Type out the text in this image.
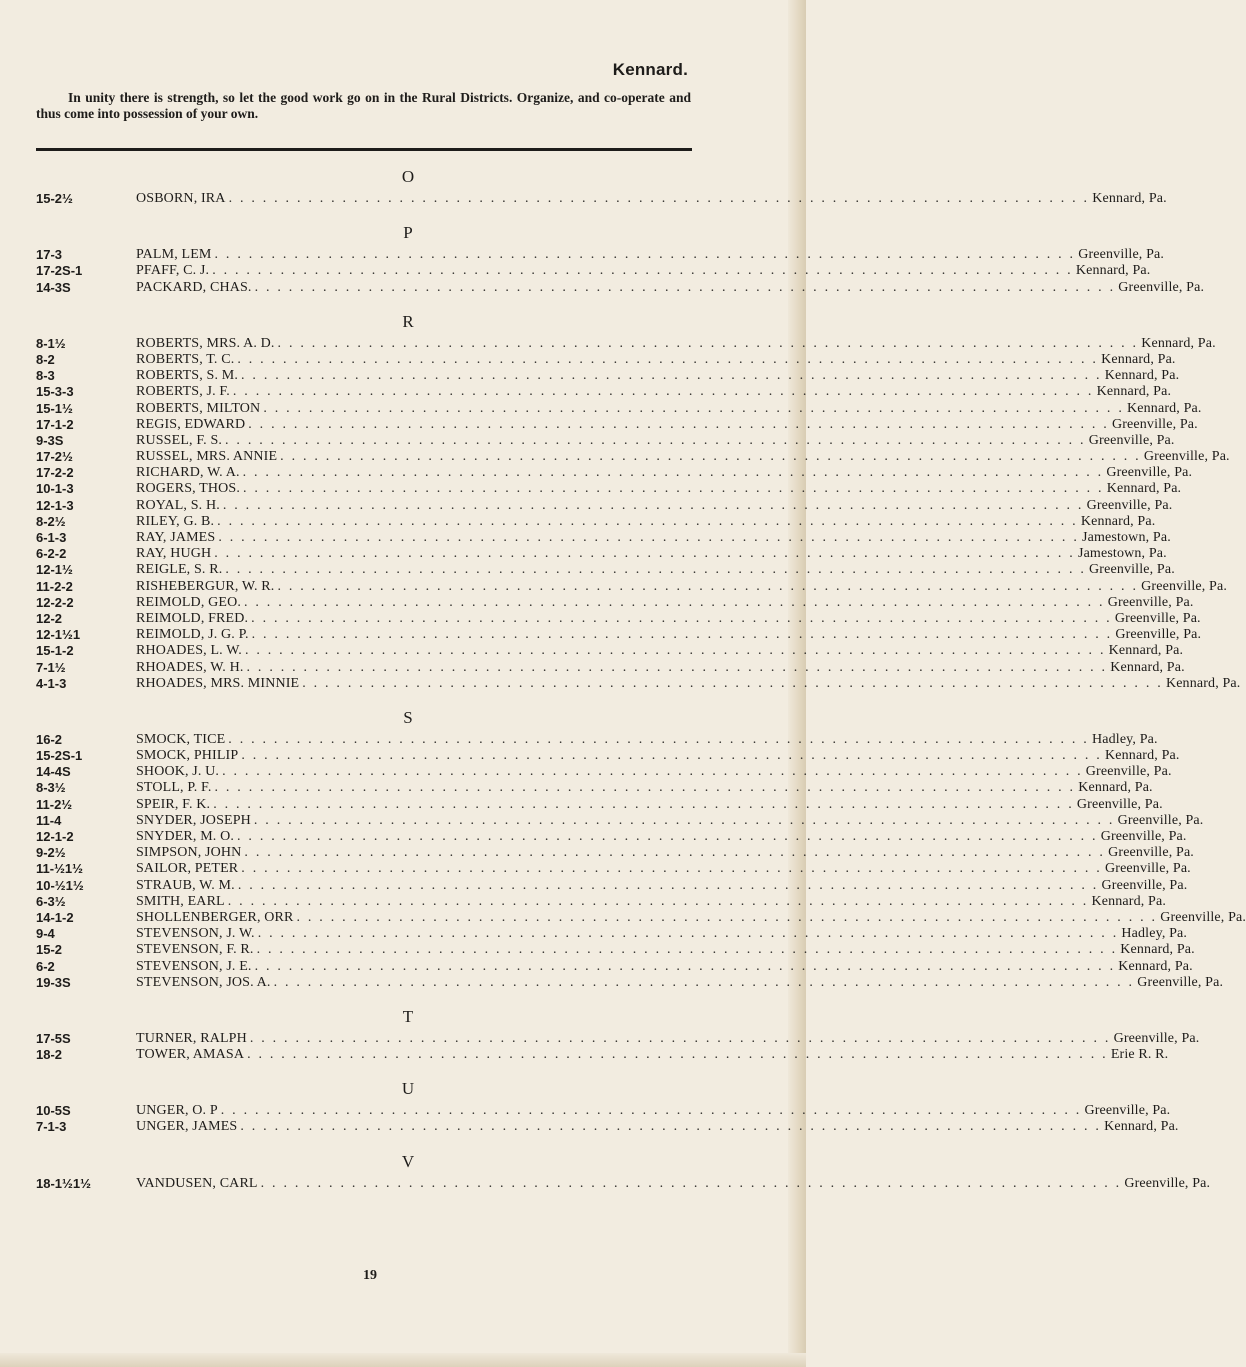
Kennard.
In unity there is strength, so let the good work go on in the Rural Districts. Organize, and co-operate and thus come into possession of your own.
O
15-2½	OSBORN, IRA . . . . . . . . . . . . . . . . . . . . . . . . . . . . . . . . . . . . . . . . . . . . . . . . . . . . . . . . . . . . . . . . . . . . . . . . . . . . Kennard, Pa.
P
17-3	PALM, LEM . . . . . . . . . . . . . . . . . . . . . . . . . . . . . . . . . . . . . . . . . . . . . . . . . . . . . . . . . . . . . . . . . . . . . . . . . . . . Greenville, Pa.
17-2S-1	PFAFF, C. J. . . . . . . . . . . . . . . . . . . . . . . . . . . . . . . . . . . . . . . . . . . . . . . . . . . . . . . . . . . . . . . . . . . . . . . . . . . . . Kennard, Pa.
14-3S	PACKARD, CHAS. . . . . . . . . . . . . . . . . . . . . . . . . . . . . . . . . . . . . . . . . . . . . . . . . . . . . . . . . . . . . . . . . . . . . . . . . . . . . Greenville, Pa.
R
8-1½	ROBERTS, MRS. A. D. . . . . . . . . . . . . . . . . . . . . . . . . . . . . . . . . . . . . . . . . . . . . . . . . . . . . . . . . . . . . . . . . . . . . . . . . . . . . Kennard, Pa.
8-2	ROBERTS, T. C. . . . . . . . . . . . . . . . . . . . . . . . . . . . . . . . . . . . . . . . . . . . . . . . . . . . . . . . . . . . . . . . . . . . . . . . . . . . . Kennard, Pa.
8-3	ROBERTS, S. M. . . . . . . . . . . . . . . . . . . . . . . . . . . . . . . . . . . . . . . . . . . . . . . . . . . . . . . . . . . . . . . . . . . . . . . . . . . . . Kennard, Pa.
15-3-3	ROBERTS, J. F. . . . . . . . . . . . . . . . . . . . . . . . . . . . . . . . . . . . . . . . . . . . . . . . . . . . . . . . . . . . . . . . . . . . . . . . . . . . . Kennard, Pa.
15-1½	ROBERTS, MILTON . . . . . . . . . . . . . . . . . . . . . . . . . . . . . . . . . . . . . . . . . . . . . . . . . . . . . . . . . . . . . . . . . . . . . . . . . . . . Kennard, Pa.
17-1-2	REGIS, EDWARD . . . . . . . . . . . . . . . . . . . . . . . . . . . . . . . . . . . . . . . . . . . . . . . . . . . . . . . . . . . . . . . . . . . . . . . . . . . . Greenville, Pa.
9-3S	RUSSEL, F. S. . . . . . . . . . . . . . . . . . . . . . . . . . . . . . . . . . . . . . . . . . . . . . . . . . . . . . . . . . . . . . . . . . . . . . . . . . . . . Greenville, Pa.
17-2½	RUSSEL, MRS. ANNIE . . . . . . . . . . . . . . . . . . . . . . . . . . . . . . . . . . . . . . . . . . . . . . . . . . . . . . . . . . . . . . . . . . . . . . . . . . . . Greenville, Pa.
17-2-2	RICHARD, W. A. . . . . . . . . . . . . . . . . . . . . . . . . . . . . . . . . . . . . . . . . . . . . . . . . . . . . . . . . . . . . . . . . . . . . . . . . . . . . Greenville, Pa.
10-1-3	ROGERS, THOS. . . . . . . . . . . . . . . . . . . . . . . . . . . . . . . . . . . . . . . . . . . . . . . . . . . . . . . . . . . . . . . . . . . . . . . . . . . . . Kennard, Pa.
12-1-3	ROYAL, S. H. . . . . . . . . . . . . . . . . . . . . . . . . . . . . . . . . . . . . . . . . . . . . . . . . . . . . . . . . . . . . . . . . . . . . . . . . . . . . Greenville, Pa.
8-2½	RILEY, G. B. . . . . . . . . . . . . . . . . . . . . . . . . . . . . . . . . . . . . . . . . . . . . . . . . . . . . . . . . . . . . . . . . . . . . . . . . . . . . Kennard, Pa.
6-1-3	RAY, JAMES . . . . . . . . . . . . . . . . . . . . . . . . . . . . . . . . . . . . . . . . . . . . . . . . . . . . . . . . . . . . . . . . . . . . . . . . . . . . Jamestown, Pa.
6-2-2	RAY, HUGH . . . . . . . . . . . . . . . . . . . . . . . . . . . . . . . . . . . . . . . . . . . . . . . . . . . . . . . . . . . . . . . . . . . . . . . . . . . . Jamestown, Pa.
12-1½	REIGLE, S. R. . . . . . . . . . . . . . . . . . . . . . . . . . . . . . . . . . . . . . . . . . . . . . . . . . . . . . . . . . . . . . . . . . . . . . . . . . . . . Greenville, Pa.
11-2-2	RISHEBERGUR, W. R. . . . . . . . . . . . . . . . . . . . . . . . . . . . . . . . . . . . . . . . . . . . . . . . . . . . . . . . . . . . . . . . . . . . . . . . . . . . . Greenville, Pa.
12-2-2	REIMOLD, GEO. . . . . . . . . . . . . . . . . . . . . . . . . . . . . . . . . . . . . . . . . . . . . . . . . . . . . . . . . . . . . . . . . . . . . . . . . . . . . Greenville, Pa.
12-2	REIMOLD, FRED. . . . . . . . . . . . . . . . . . . . . . . . . . . . . . . . . . . . . . . . . . . . . . . . . . . . . . . . . . . . . . . . . . . . . . . . . . . . . Greenville, Pa.
12-1½1	REIMOLD, J. G. P. . . . . . . . . . . . . . . . . . . . . . . . . . . . . . . . . . . . . . . . . . . . . . . . . . . . . . . . . . . . . . . . . . . . . . . . . . . . . Greenville, Pa.
15-1-2	RHOADES, L. W. . . . . . . . . . . . . . . . . . . . . . . . . . . . . . . . . . . . . . . . . . . . . . . . . . . . . . . . . . . . . . . . . . . . . . . . . . . . . Kennard, Pa.
7-1½	RHOADES, W. H. . . . . . . . . . . . . . . . . . . . . . . . . . . . . . . . . . . . . . . . . . . . . . . . . . . . . . . . . . . . . . . . . . . . . . . . . . . . . Kennard, Pa.
4-1-3	RHOADES, MRS. MINNIE . . . . . . . . . . . . . . . . . . . . . . . . . . . . . . . . . . . . . . . . . . . . . . . . . . . . . . . . . . . . . . . . . . . . . . . . . . . . Kennard, Pa.
S
16-2	SMOCK, TICE . . . . . . . . . . . . . . . . . . . . . . . . . . . . . . . . . . . . . . . . . . . . . . . . . . . . . . . . . . . . . . . . . . . . . . . . . . . . Hadley, Pa.
15-2S-1	SMOCK, PHILIP . . . . . . . . . . . . . . . . . . . . . . . . . . . . . . . . . . . . . . . . . . . . . . . . . . . . . . . . . . . . . . . . . . . . . . . . . . . . Kennard, Pa.
14-4S	SHOOK, J. U. . . . . . . . . . . . . . . . . . . . . . . . . . . . . . . . . . . . . . . . . . . . . . . . . . . . . . . . . . . . . . . . . . . . . . . . . . . . . Greenville, Pa.
8-3½	STOLL, P. F. . . . . . . . . . . . . . . . . . . . . . . . . . . . . . . . . . . . . . . . . . . . . . . . . . . . . . . . . . . . . . . . . . . . . . . . . . . . . Kennard, Pa.
11-2½	SPEIR, F. K. . . . . . . . . . . . . . . . . . . . . . . . . . . . . . . . . . . . . . . . . . . . . . . . . . . . . . . . . . . . . . . . . . . . . . . . . . . . . Greenville, Pa.
11-4	SNYDER, JOSEPH . . . . . . . . . . . . . . . . . . . . . . . . . . . . . . . . . . . . . . . . . . . . . . . . . . . . . . . . . . . . . . . . . . . . . . . . . . . . Greenville, Pa.
12-1-2	SNYDER, M. O. . . . . . . . . . . . . . . . . . . . . . . . . . . . . . . . . . . . . . . . . . . . . . . . . . . . . . . . . . . . . . . . . . . . . . . . . . . . . Greenville, Pa.
9-2½	SIMPSON, JOHN . . . . . . . . . . . . . . . . . . . . . . . . . . . . . . . . . . . . . . . . . . . . . . . . . . . . . . . . . . . . . . . . . . . . . . . . . . . . Greenville, Pa.
11-½1½	SAILOR, PETER . . . . . . . . . . . . . . . . . . . . . . . . . . . . . . . . . . . . . . . . . . . . . . . . . . . . . . . . . . . . . . . . . . . . . . . . . . . . Greenville, Pa.
10-½1½	STRAUB, W. M. . . . . . . . . . . . . . . . . . . . . . . . . . . . . . . . . . . . . . . . . . . . . . . . . . . . . . . . . . . . . . . . . . . . . . . . . . . . . Greenville, Pa.
6-3½	SMITH, EARL . . . . . . . . . . . . . . . . . . . . . . . . . . . . . . . . . . . . . . . . . . . . . . . . . . . . . . . . . . . . . . . . . . . . . . . . . . . . Kennard, Pa.
14-1-2	SHOLLENBERGER, ORR . . . . . . . . . . . . . . . . . . . . . . . . . . . . . . . . . . . . . . . . . . . . . . . . . . . . . . . . . . . . . . . . . . . . . . . . . . . . Greenville, Pa.
9-4	STEVENSON, J. W. . . . . . . . . . . . . . . . . . . . . . . . . . . . . . . . . . . . . . . . . . . . . . . . . . . . . . . . . . . . . . . . . . . . . . . . . . . . . Hadley, Pa.
15-2	STEVENSON, F. R. . . . . . . . . . . . . . . . . . . . . . . . . . . . . . . . . . . . . . . . . . . . . . . . . . . . . . . . . . . . . . . . . . . . . . . . . . . . . Kennard, Pa.
6-2	STEVENSON, J. E. . . . . . . . . . . . . . . . . . . . . . . . . . . . . . . . . . . . . . . . . . . . . . . . . . . . . . . . . . . . . . . . . . . . . . . . . . . . . Kennard, Pa.
19-3S	STEVENSON, JOS. A. . . . . . . . . . . . . . . . . . . . . . . . . . . . . . . . . . . . . . . . . . . . . . . . . . . . . . . . . . . . . . . . . . . . . . . . . . . . . Greenville, Pa.
T
17-5S	TURNER, RALPH . . . . . . . . . . . . . . . . . . . . . . . . . . . . . . . . . . . . . . . . . . . . . . . . . . . . . . . . . . . . . . . . . . . . . . . . . . . . Greenville, Pa.
18-2	TOWER, AMASA . . . . . . . . . . . . . . . . . . . . . . . . . . . . . . . . . . . . . . . . . . . . . . . . . . . . . . . . . . . . . . . . . . . . . . . . . . . . Erie R. R.
U
10-5S	UNGER, O. P . . . . . . . . . . . . . . . . . . . . . . . . . . . . . . . . . . . . . . . . . . . . . . . . . . . . . . . . . . . . . . . . . . . . . . . . . . . . Greenville, Pa.
7-1-3	UNGER, JAMES . . . . . . . . . . . . . . . . . . . . . . . . . . . . . . . . . . . . . . . . . . . . . . . . . . . . . . . . . . . . . . . . . . . . . . . . . . . . Kennard, Pa.
V
18-1½1½	VANDUSEN, CARL . . . . . . . . . . . . . . . . . . . . . . . . . . . . . . . . . . . . . . . . . . . . . . . . . . . . . . . . . . . . . . . . . . . . . . . . . . . . Greenville, Pa.
19
